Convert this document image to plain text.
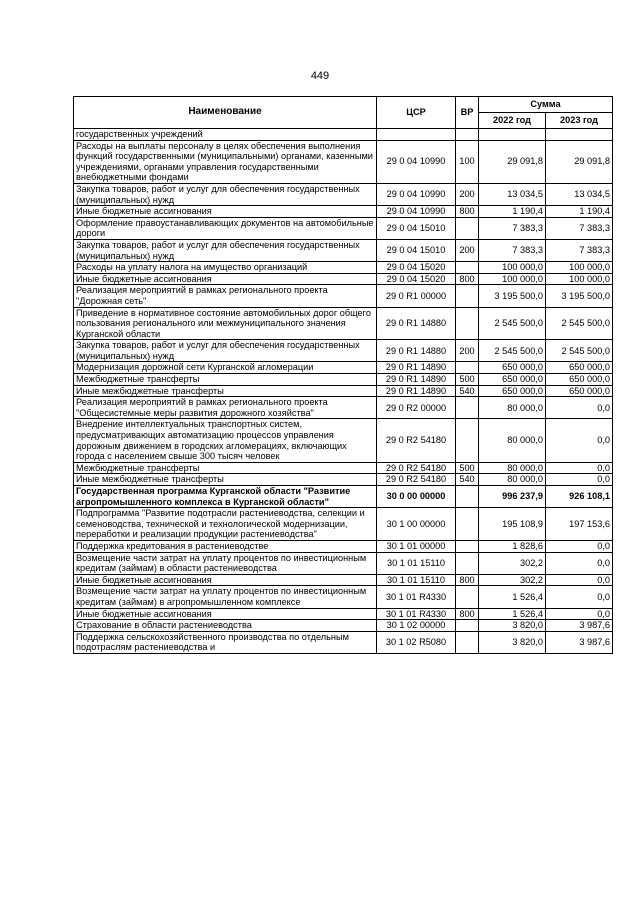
449
Наименование	ЦСР	ВР	Сумма	
			2022 год	2023 год
государственных учреждений				
Расходы на выплаты персоналу в целях обеспечения выполнения функций государственными (муниципальными) органами, казенными учреждениями, органами управления государственными внебюджетными фондами	29 0 04 10990	100	29 091,8	29 091,8
Закупка товаров, работ и услуг для обеспечения государственных (муниципальных) нужд	29 0 04 10990	200	13 034,5	13 034,5
Иные бюджетные ассигнования	29 0 04 10990	800	1 190,4	1 190,4
Оформление правоустанавливающих документов на автомобильные дороги	29 0 04 15010		7 383,3	7 383,3
Закупка товаров, работ и услуг для обеспечения государственных (муниципальных) нужд	29 0 04 15010	200	7 383,3	7 383,3
Расходы на уплату налога на имущество организаций	29 0 04 15020		100 000,0	100 000,0
Иные бюджетные ассигнования	29 0 04 15020	800	100 000,0	100 000,0
Реализация мероприятий в рамках регионального проекта "Дорожная сеть"	29 0 R1 00000		3 195 500,0	3 195 500,0
Приведение в нормативное состояние автомобильных дорог общего пользования регионального или межмуниципального значения Курганской области	29 0 R1 14880		2 545 500,0	2 545 500,0
Закупка товаров, работ и услуг для обеспечения государственных (муниципальных) нужд	29 0 R1 14880	200	2 545 500,0	2 545 500,0
Модернизация дорожной сети Курганской агломерации	29 0 R1 14890		650 000,0	650 000,0
Межбюджетные трансферты	29 0 R1 14890	500	650 000,0	650 000,0
Иные межбюджетные трансферты	29 0 R1 14890	540	650 000,0	650 000,0
Реализация мероприятий в рамках регионального проекта "Общесистемные меры развития дорожного хозяйства"	29 0 R2 00000		80 000,0	0,0
Внедрение интеллектуальных транспортных систем, предусматривающих автоматизацию процессов управления дорожным движением в городских агломерациях, включающих города с населением свыше 300 тысяч человек	29 0 R2 54180		80 000,0	0,0
Межбюджетные трансферты	29 0 R2 54180	500	80 000,0	0,0
Иные межбюджетные трансферты	29 0 R2 54180	540	80 000,0	0,0
Государственная программа Курганской области "Развитие агропромышленного комплекса в Курганской области"	30 0 00 00000		996 237,9	926 108,1
Подпрограмма "Развитие подотрасли растениеводства, селекции и семеноводства, технической и технологической модернизации, переработки и реализации продукции растениеводства"	30 1 00 00000		195 108,9	197 153,6
Поддержка кредитования в растениеводстве	30 1 01 00000		1 828,6	0,0
Возмещение части затрат на уплату процентов по инвестиционным кредитам (займам) в области растениеводства	30 1 01 15110		302,2	0,0
Иные бюджетные ассигнования	30 1 01 15110	800	302,2	0,0
Возмещение части затрат на уплату процентов по инвестиционным кредитам (займам) в агропромышленном комплексе	30 1 01 R4330		1 526,4	0,0
Иные бюджетные ассигнования	30 1 01 R4330	800	1 526,4	0,0
Страхование в области растениеводства	30 1 02 00000		3 820,0	3 987,6
Поддержка сельскохозяйственного производства по отдельным подотраслям растениеводства и	30 1 02 R5080		3 820,0	3 987,6
